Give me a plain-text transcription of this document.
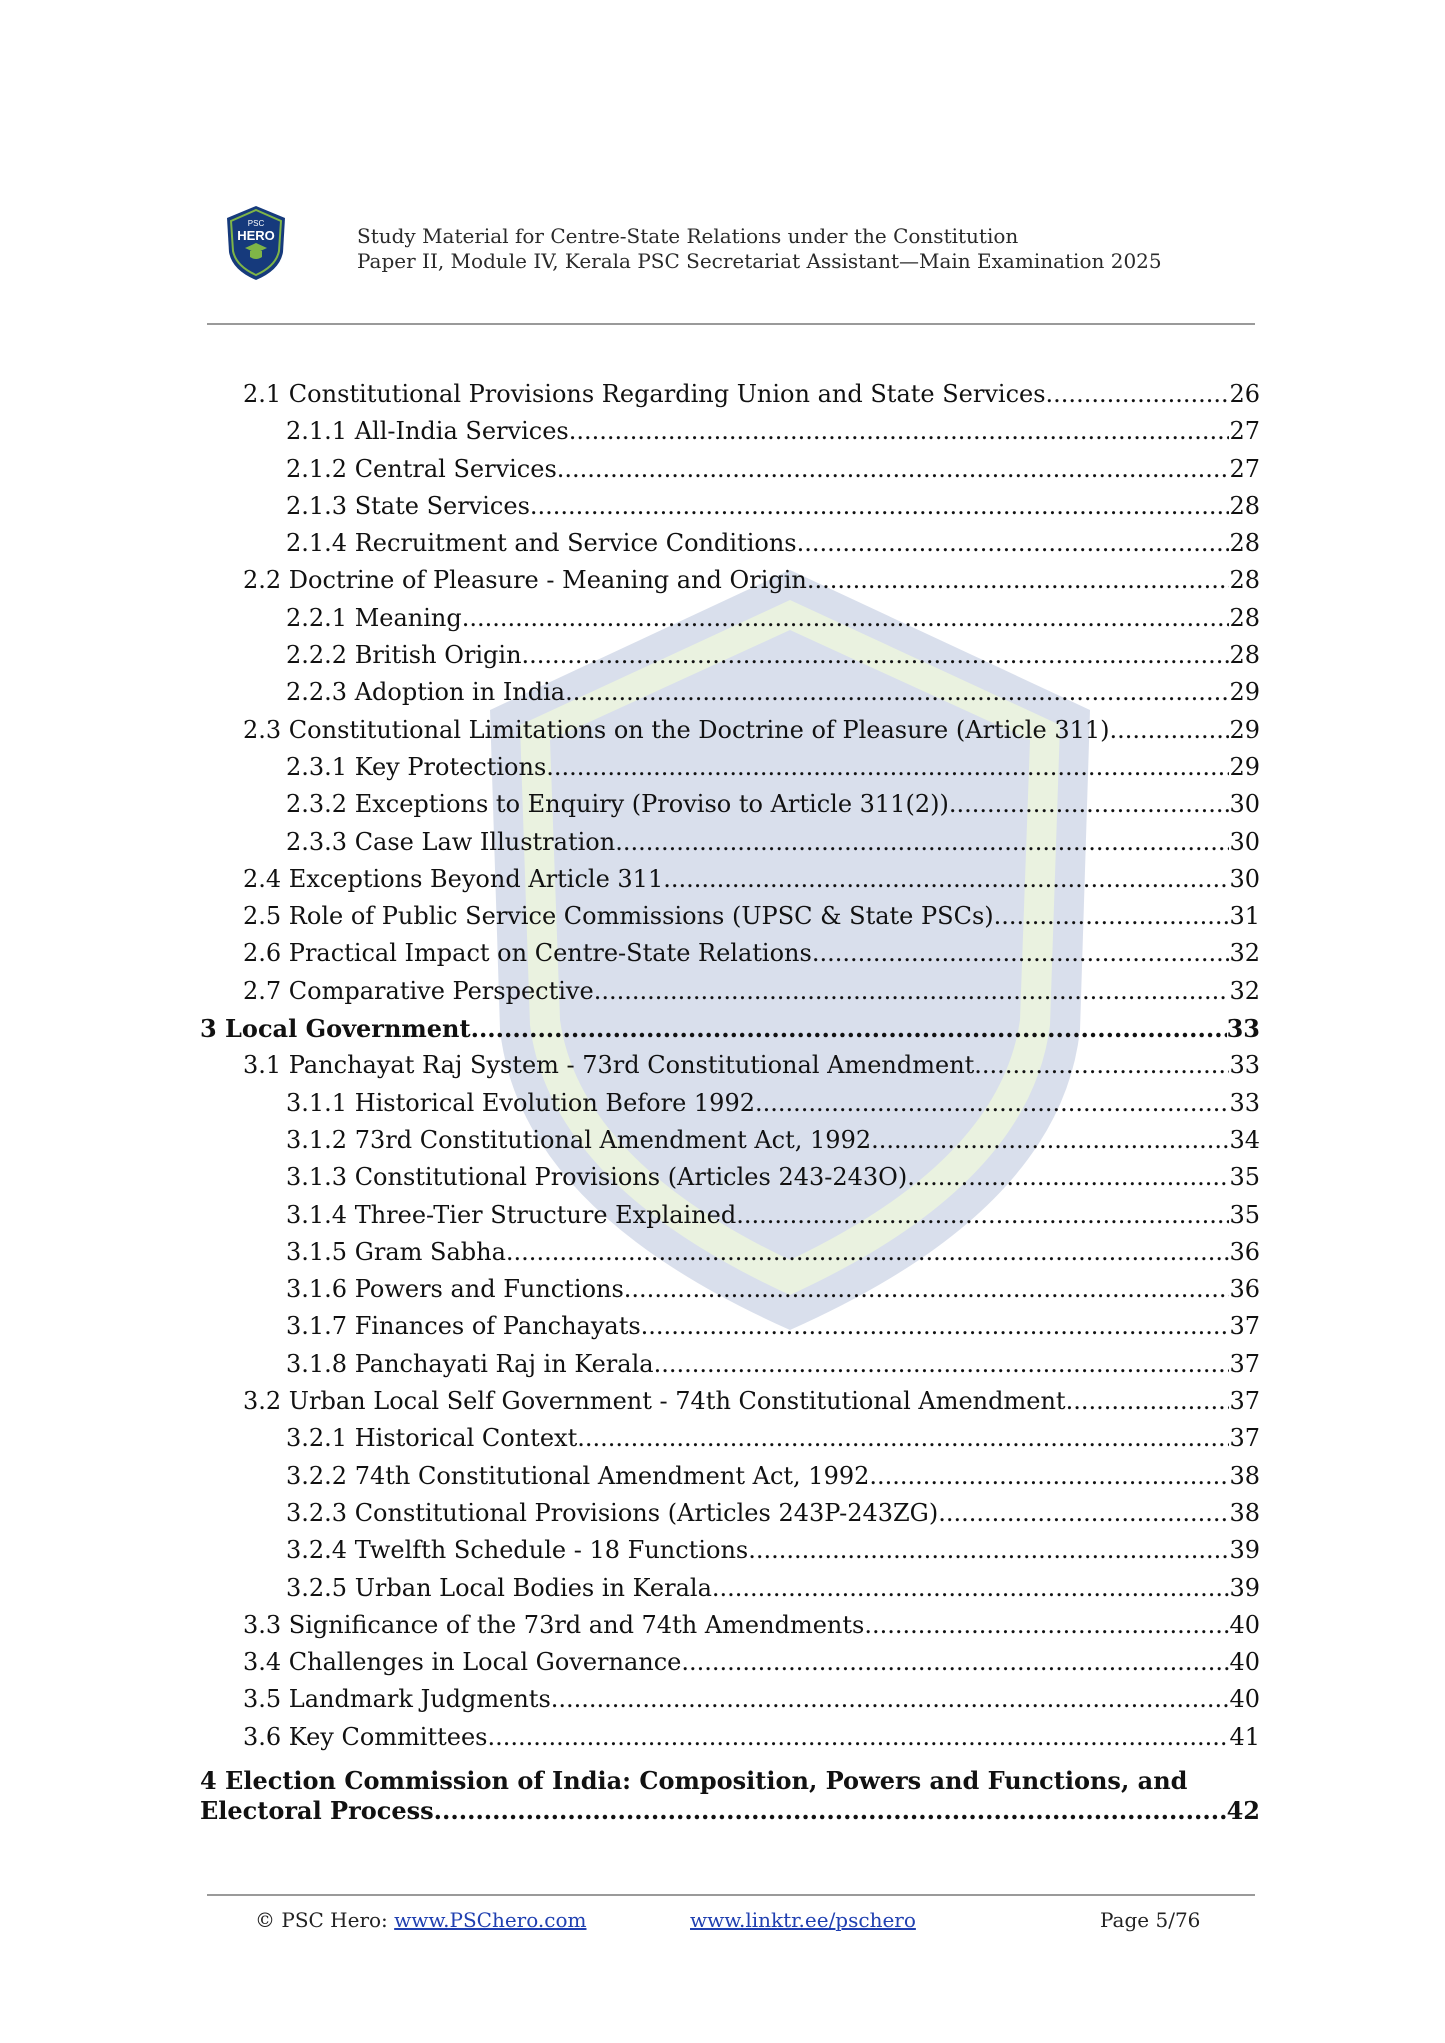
PSC
HERO	Study Material for Centre-State Relations under the Constitution
Paper II, Module IV, Kerala PSC Secretariat Assistant—Main Examination 2025
2.1 Constitutional Provisions Regarding Union and State Services .....	26
2.1.1 All-India Services .....	27
2.1.2 Central Services .....	27
2.1.3 State Services .....	28
2.1.4 Recruitment and Service Conditions .....	28
2.2 Doctrine of Pleasure - Meaning and Origin .....	28
2.2.1 Meaning .....	28
2.2.2 British Origin .....	28
2.2.3 Adoption in India .....	29
2.3 Constitutional Limitations on the Doctrine of Pleasure (Article 311) .....	29
2.3.1 Key Protections .....	29
2.3.2 Exceptions to Enquiry (Proviso to Article 311(2)) .....	30
2.3.3 Case Law Illustration .....	30
2.4 Exceptions Beyond Article 311 .....	30
2.5 Role of Public Service Commissions (UPSC & State PSCs) .....	31
2.6 Practical Impact on Centre-State Relations .....	32
2.7 Comparative Perspective .....	32
3 Local Government .....	33
3.1 Panchayat Raj System - 73rd Constitutional Amendment .....	33
3.1.1 Historical Evolution Before 1992 .....	33
3.1.2 73rd Constitutional Amendment Act, 1992 .....	34
3.1.3 Constitutional Provisions (Articles 243-243O) .....	35
3.1.4 Three-Tier Structure Explained .....	35
3.1.5 Gram Sabha .....	36
3.1.6 Powers and Functions .....	36
3.1.7 Finances of Panchayats .....	37
3.1.8 Panchayati Raj in Kerala .....	37
3.2 Urban Local Self Government - 74th Constitutional Amendment .....	37
3.2.1 Historical Context .....	37
3.2.2 74th Constitutional Amendment Act, 1992 .....	38
3.2.3 Constitutional Provisions (Articles 243P-243ZG) .....	38
3.2.4 Twelfth Schedule - 18 Functions .....	39
3.2.5 Urban Local Bodies in Kerala .....	39
3.3 Significance of the 73rd and 74th Amendments .....	40
3.4 Challenges in Local Governance .....	40
3.5 Landmark Judgments .....	40
3.6 Key Committees .....	41
4 Election Commission of India: Composition, Powers and Functions, and
Electoral Process .....	42
© PSC Hero: www.PSChero.com	www.linktr.ee/pschero	Page 5/76
